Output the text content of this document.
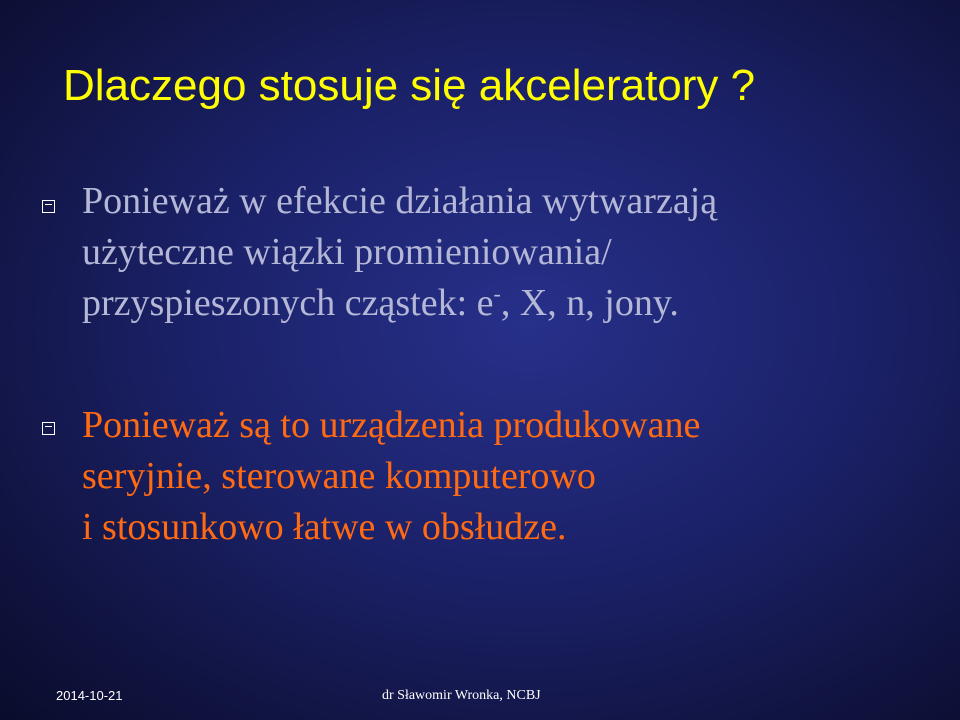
Dlaczego stosuje się akceleratory ?

Ponieważ w efekcie działania wytwarzają
użyteczne wiązki promieniowania/
przyspieszonych cząstek: e-, X, n, jony.

Ponieważ są to urządzenia produkowane
seryjnie, sterowane komputerowo
i stosunkowo łatwe w obsłudze.

2014-10-21	dr Sławomir Wronka, NCBJ
